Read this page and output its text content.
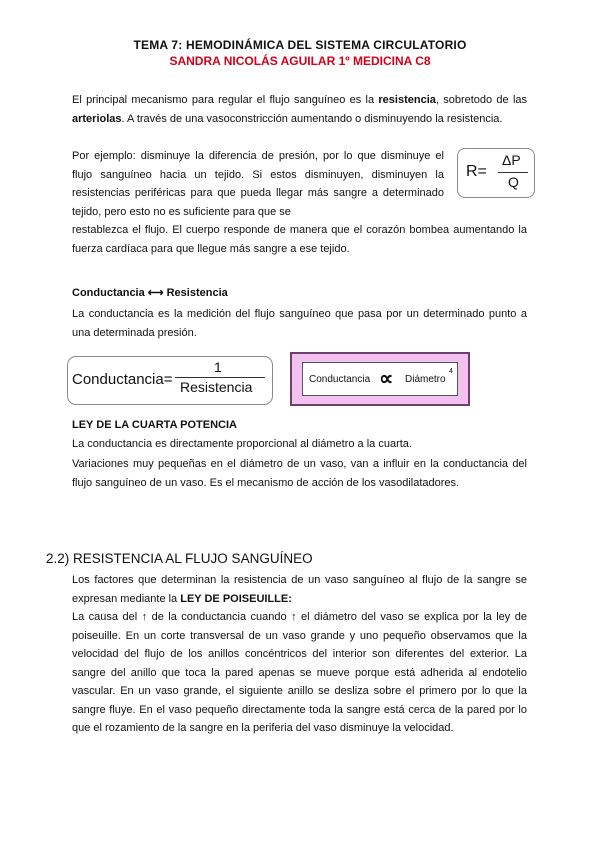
TEMA 7: HEMODINÁMICA DEL SISTEMA CIRCULATORIO
SANDRA NICOLÁS AGUILAR 1º MEDICINA C8

El principal mecanismo para regular el flujo sanguíneo es la resistencia, sobretodo de las arteriolas. A través de una vasoconstricción aumentando o disminuyendo la resistencia.

Por ejemplo: disminuye la diferencia de presión, por lo que disminuye el flujo sanguíneo hacia un tejido. Si estos disminuyen, disminuyen la resistencias periféricas para que pueda llegar más sangre a determinado tejido, pero esto no es suficiente para que se

restablezca el flujo. El cuerpo responde de manera que el corazón bombea aumentando la fuerza cardíaca para que llegue más sangre a ese tejido.

R=
ΔP
Q
Conductancia ⟷ Resistencia

La conductancia es la medición del flujo sanguíneo que pasa por un determinado punto a una determinada presión.

Conductancia=
1
Resistencia	Conductancia ∝ Diámetro
4
LEY DE LA CUARTA POTENCIA

La conductancia es directamente proporcional al diámetro a la cuarta.

Variaciones muy pequeñas en el diámetro de un vaso, van a influir en la conductancia del flujo sanguíneo de un vaso. Es el mecanismo de acción de los vasodilatadores.

2.2) RESISTENCIA AL FLUJO SANGUÍNEO

Los factores que determinan la resistencia de un vaso sanguíneo al flujo de la sangre se expresan mediante la LEY DE POISEUILLE:

La causa del ↑ de la conductancia cuando ↑ el diámetro del vaso se explica por la ley de poiseuille. En un corte transversal de un vaso grande y uno pequeño observamos que la velocidad del flujo de los anillos concéntricos del interior son diferentes del exterior. La sangre del anillo que toca la pared apenas se mueve porque está adherida al endotelio vascular. En un vaso grande, el siguiente anillo se desliza sobre el primero por lo que la sangre fluye. En el vaso pequeño directamente toda la sangre está cerca de la pared por lo que el rozamiento de la sangre en la periferia del vaso disminuye la velocidad.
